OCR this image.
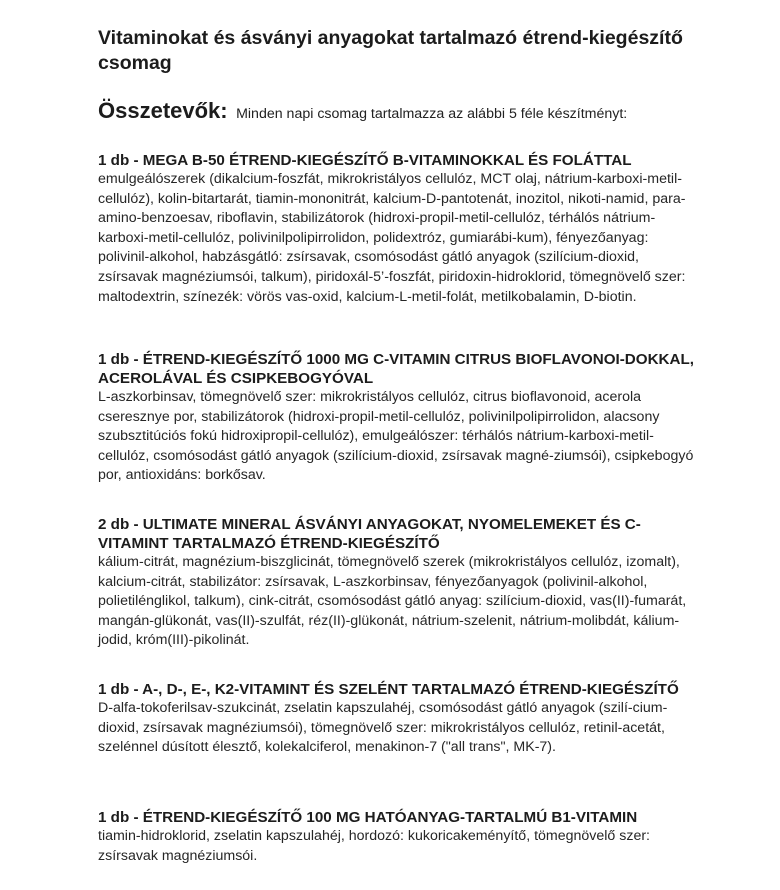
Vitaminokat és ásványi anyagokat tartalmazó étrend-kiegészítő csomag
Összetevők: Minden napi csomag tartalmazza az alábbi 5 féle készítményt:

1 db - MEGA B-50 ÉTREND-KIEGÉSZÍTŐ B-VITAMINOKKAL ÉS FOLÁTTAL

emulgeálószerek (dikalcium-foszfát, mikrokristályos cellulóz, MCT olaj, nátrium-karboxi-metil-cellulóz), kolin-bitartarát, tiamin-mononitrát, kalcium-D-pantotenát, inozitol, nikoti-namid, para-amino-benzoesav, riboflavin, stabilizátorok (hidroxi-propil-metil-cellulóz, térhálós nátrium-karboxi-metil-cellulóz, polivinilpolipirrolidon, polidextróz, gumiarábi-kum), fényezőanyag: polivinil-alkohol, habzásgátló: zsírsavak, csomósodást gátló anyagok (szilícium-dioxid, zsírsavak magnéziumsói, talkum), piridoxál-5’-foszfát, piridoxin-hidroklorid, tömegnövelő szer: maltodextrin, színezék: vörös vas-oxid, kalcium-L-metil-folát, metilkobalamin, D-biotin.

1 db - ÉTREND-KIEGÉSZÍTŐ 1000 MG C-VITAMIN CITRUS BIOFLAVONOI-DOKKAL, ACEROLÁVAL ÉS CSIPKEBOGYÓVAL

L-aszkorbinsav, tömegnövelő szer: mikrokristályos cellulóz, citrus bioflavonoid, acerola cseresznye por, stabilizátorok (hidroxi-propil-metil-cellulóz, polivinilpolipirrolidon, alacsony szubsztitúciós fokú hidroxipropil-cellulóz), emulgeálószer: térhálós nátrium-karboxi-metil-cellulóz, csomósodást gátló anyagok (szilícium-dioxid, zsírsavak magné-ziumsói), csipkebogyó por, antioxidáns: borkősav.

2 db - ULTIMATE MINERAL ÁSVÁNYI ANYAGOKAT, NYOMELEMEKET ÉS C-VITAMINT TARTALMAZÓ ÉTREND-KIEGÉSZÍTŐ

kálium-citrát, magnézium-biszglicinát, tömegnövelő szerek (mikrokristályos cellulóz, izomalt), kalcium-citrát, stabilizátor: zsírsavak, L-aszkorbinsav, fényezőanyagok (polivinil-alkohol, polietilénglikol, talkum), cink-citrát, csomósodást gátló anyag: szilícium-dioxid, vas(II)-fumarát, mangán-glükonát, vas(II)-szulfát, réz(II)-glükonát, nátrium-szelenit, nátrium-molibdát, kálium-jodid, króm(III)-pikolinát.

1 db - A-, D-, E-, K2-VITAMINT ÉS SZELÉNT TARTALMAZÓ ÉTREND-KIEGÉSZÍTŐ

D-alfa-tokoferilsav-szukcinát, zselatin kapszulahéj, csomósodást gátló anyagok (szilí-cium-dioxid, zsírsavak magnéziumsói), tömegnövelő szer: mikrokristályos cellulóz, retinil-acetát, szelénnel dúsított élesztő, kolekalciferol, menakinon-7 ("all trans", MK-7).

1 db - ÉTREND-KIEGÉSZÍTŐ 100 MG HATÓANYAG-TARTALMÚ B1-VITAMIN

tiamin-hidroklorid, zselatin kapszulahéj, hordozó: kukoricakeményítő, tömegnövelő szer: zsírsavak magnéziumsói.
